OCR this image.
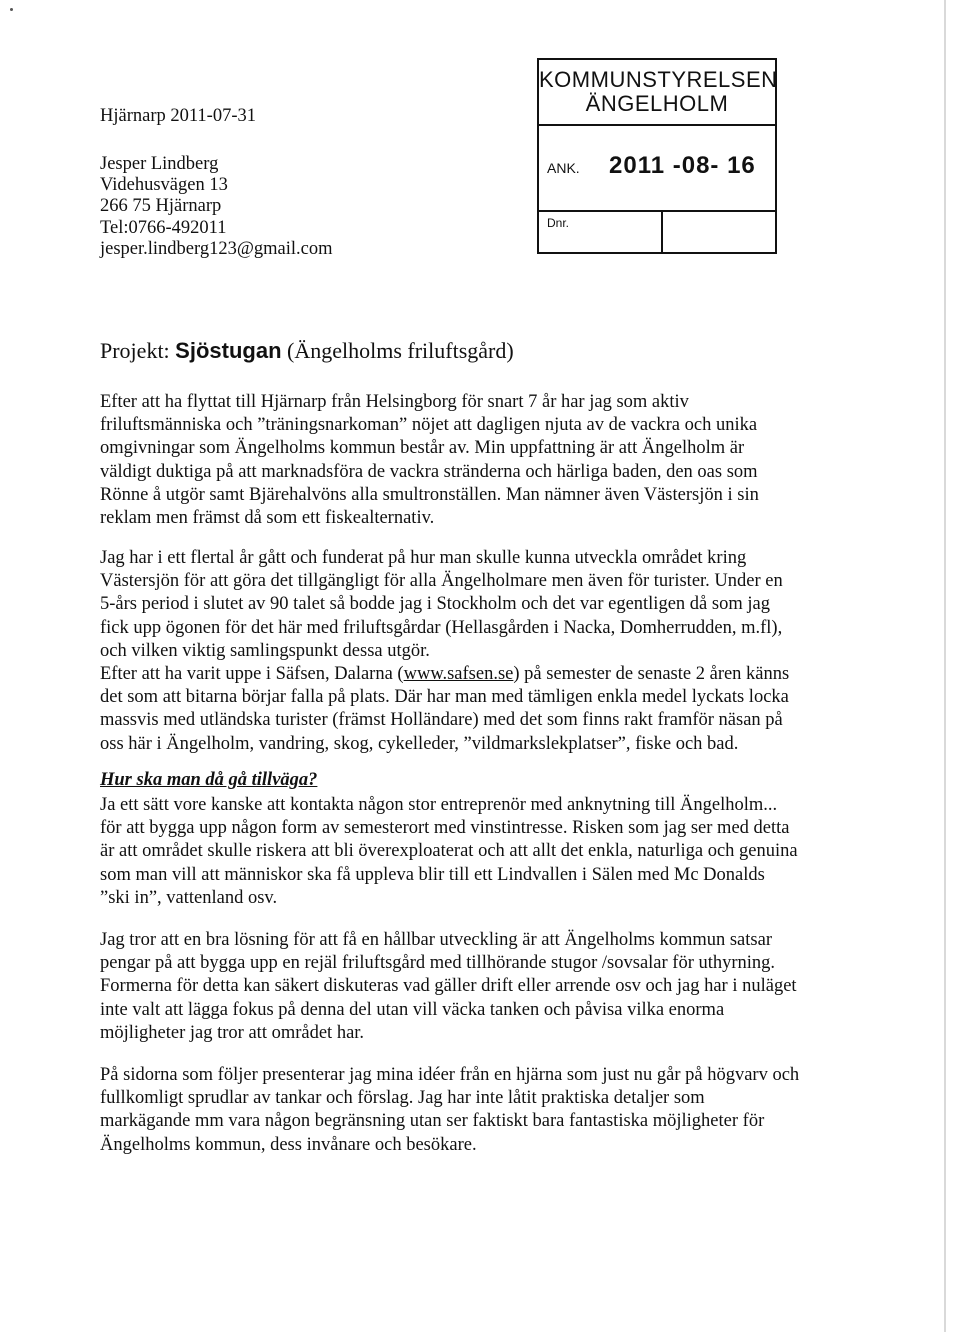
Hjärnarp 2011-07-31
Jesper Lindberg
Videhusvägen 13
266 75 Hjärnarp
Tel:0766-492011
jesper.lindberg123@gmail.com
KOMMUNSTYRELSEN
ÄNGELHOLM
ANK. 2011 -08- 16
Dnr.
Projekt: Sjöstugan (Ängelholms friluftsgård)
Efter att ha flyttat till Hjärnarp från Helsingborg för snart 7 år har jag som aktiv
friluftsmänniska och ”träningsnarkoman” nöjet att dagligen njuta av de vackra och unika
omgivningar som Ängelholms kommun består av. Min uppfattning är att Ängelholm är
väldigt duktiga på att marknadsföra de vackra stränderna och härliga baden, den oas som
Rönne å utgör samt Bjärehalvöns alla smultronställen. Man nämner även Västersjön i sin
reklam men främst då som ett fiskealternativ.
Jag har i ett flertal år gått och funderat på hur man skulle kunna utveckla området kring
Västersjön för att göra det tillgängligt för alla Ängelholmare men även för turister. Under en
5-års period i slutet av 90 talet så bodde jag i Stockholm och det var egentligen då som jag
fick upp ögonen för det här med friluftsgårdar (Hellasgården i Nacka, Domherrudden, m.fl),
och vilken viktig samlingspunkt dessa utgör.
Efter att ha varit uppe i Säfsen, Dalarna (www.safsen.se) på semester de senaste 2 åren känns
det som att bitarna börjar falla på plats. Där har man med tämligen enkla medel lyckats locka
massvis med utländska turister (främst Holländare) med det som finns rakt framför näsan på
oss här i Ängelholm, vandring, skog, cykelleder, ”vildmarkslekplatser”, fiske och bad.
Hur ska man då gå tillväga?
Ja ett sätt vore kanske att kontakta någon stor entreprenör med anknytning till Ängelholm...
för att bygga upp någon form av semesterort med vinstintresse. Risken som jag ser med detta
är att området skulle riskera att bli överexploaterat och att allt det enkla, naturliga och genuina
som man vill att människor ska få uppleva blir till ett Lindvallen i Sälen med Mc Donalds
”ski in”, vattenland osv.
Jag tror att en bra lösning för att få en hållbar utveckling är att Ängelholms kommun satsar
pengar på att bygga upp en rejäl friluftsgård med tillhörande stugor /sovsalar för uthyrning.
Formerna för detta kan säkert diskuteras vad gäller drift eller arrende osv och jag har i nuläget
inte valt att lägga fokus på denna del utan vill väcka tanken och påvisa vilka enorma
möjligheter jag tror att området har.
På sidorna som följer presenterar jag mina idéer från en hjärna som just nu går på högvarv och
fullkomligt sprudlar av tankar och förslag. Jag har inte låtit praktiska detaljer som
markägande mm vara någon begränsning utan ser faktiskt bara fantastiska möjligheter för
Ängelholms kommun, dess invånare och besökare.
